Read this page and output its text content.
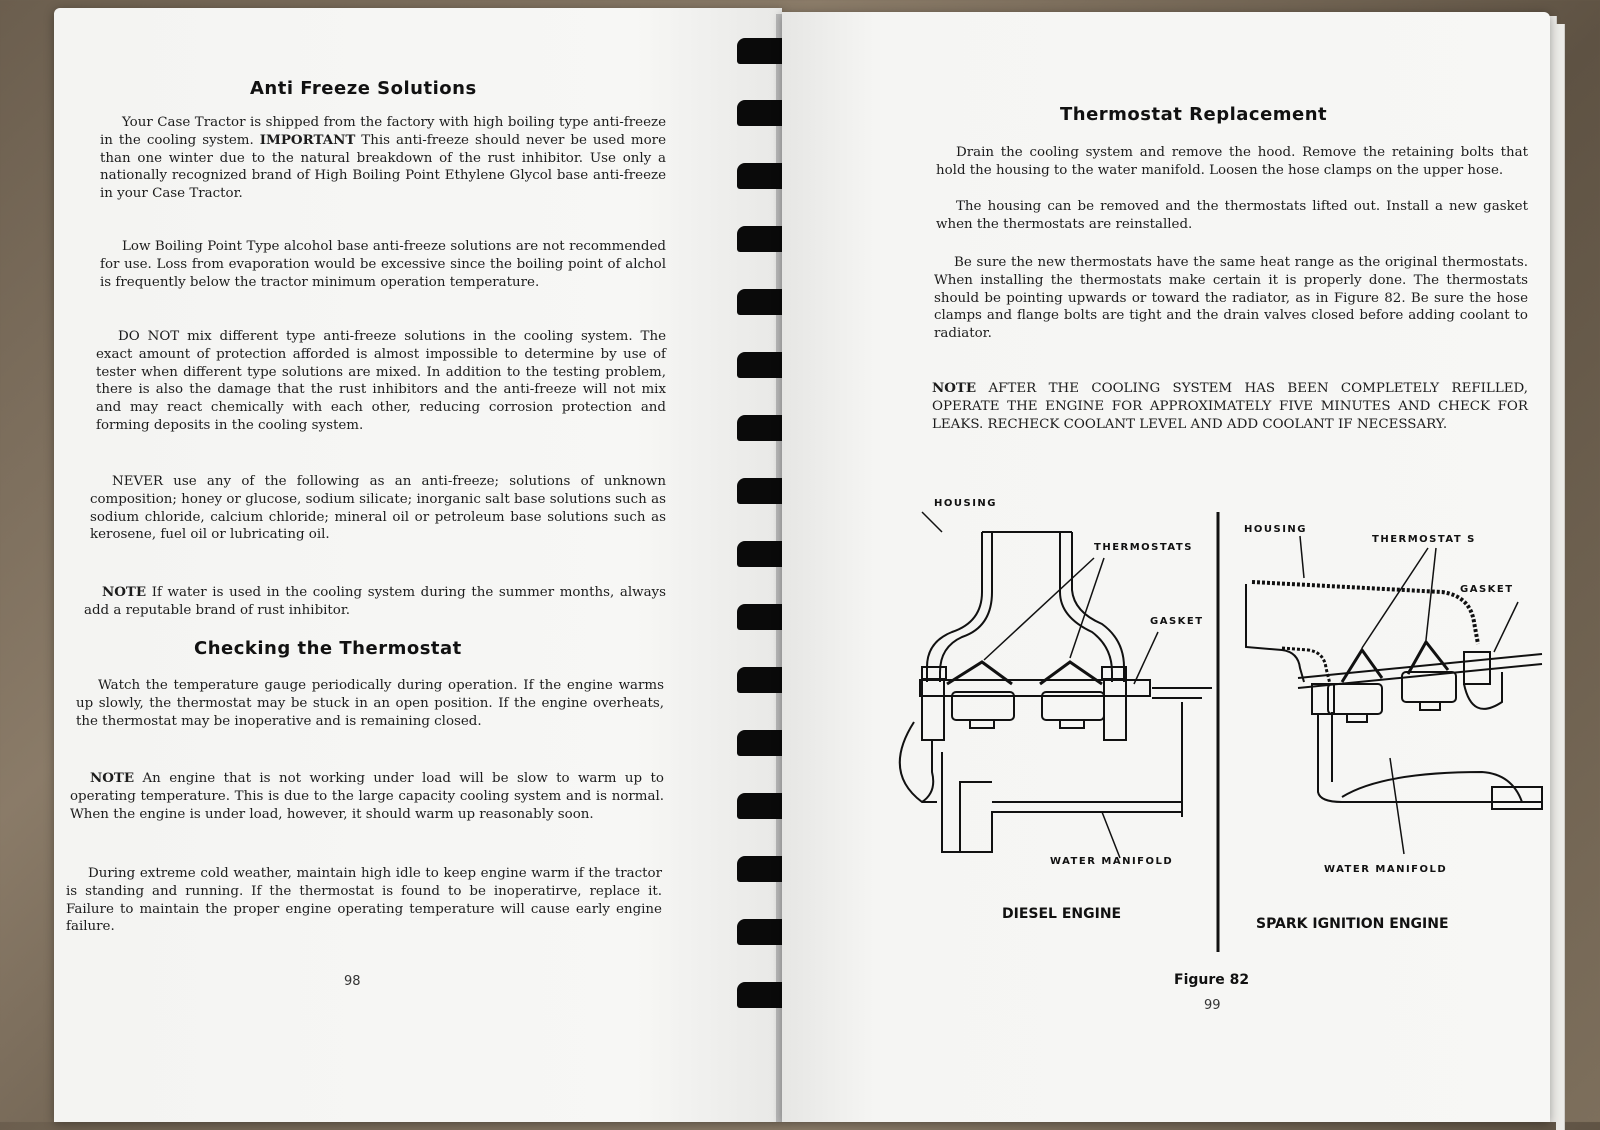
Anti Freeze Solutions
Your Case Tractor is shipped from the factory with high boiling type anti-freeze in the cooling system. IMPORTANT This anti-freeze should never be used more than one winter due to the natural breakdown of the rust inhibitor. Use only a nationally recognized brand of High Boiling Point Ethylene Glycol base anti-freeze in your Case Tractor.
Low Boiling Point Type alcohol base anti-freeze solutions are not recommended for use. Loss from evaporation would be excessive since the boiling point of alchol is frequently below the tractor minimum operation temperature.
DO NOT mix different type anti-freeze solutions in the cooling system. The exact amount of protection afforded is almost impossible to determine by use of tester when different type solutions are mixed. In addition to the testing problem, there is also the damage that the rust inhibitors and the anti-freeze will not mix and may react chemically with each other, reducing corrosion protection and forming deposits in the cooling system.
NEVER use any of the following as an anti-freeze; solutions of unknown composition; honey or glucose, sodium silicate; inorganic salt base solutions such as sodium chloride, calcium chloride; mineral oil or petroleum base solutions such as kerosene, fuel oil or lubricating oil.
NOTE If water is used in the cooling system during the summer months, always add a reputable brand of rust inhibitor.
Checking the Thermostat
Watch the temperature gauge periodically during operation. If the engine warms up slowly, the thermostat may be stuck in an open position. If the engine overheats, the thermostat may be inoperative and is remaining closed.
NOTE An engine that is not working under load will be slow to warm up to operating temperature. This is due to the large capacity cooling system and is normal. When the engine is under load, however, it should warm up reasonably soon.
During extreme cold weather, maintain high idle to keep engine warm if the tractor is standing and running. If the thermostat is found to be inoperatirve, replace it. Failure to maintain the proper engine operating temperature will cause early engine failure.
98
Thermostat Replacement
Drain the cooling system and remove the hood. Remove the retaining bolts that hold the housing to the water manifold. Loosen the hose clamps on the upper hose.
The housing can be removed and the thermostats lifted out. Install a new gasket when the thermostats are reinstalled.
Be sure the new thermostats have the same heat range as the original thermostats. When installing the thermostats make certain it is properly done. The thermostats should be pointing upwards or toward the radiator, as in Figure 82. Be sure the hose clamps and flange bolts are tight and the drain valves closed before adding coolant to radiator.
NOTE AFTER THE COOLING SYSTEM HAS BEEN COMPLETELY REFILLED, OPERATE THE ENGINE FOR APPROXIMATELY FIVE MINUTES AND CHECK FOR LEAKS. RECHECK COOLANT LEVEL AND ADD COOLANT IF NECESSARY.
HOUSING
THERMOSTATS
GASKET
WATER MANIFOLD
DIESEL ENGINE
HOUSING
THERMOSTAT S
GASKET
WATER MANIFOLD
SPARK IGNITION ENGINE
Figure 82
99
